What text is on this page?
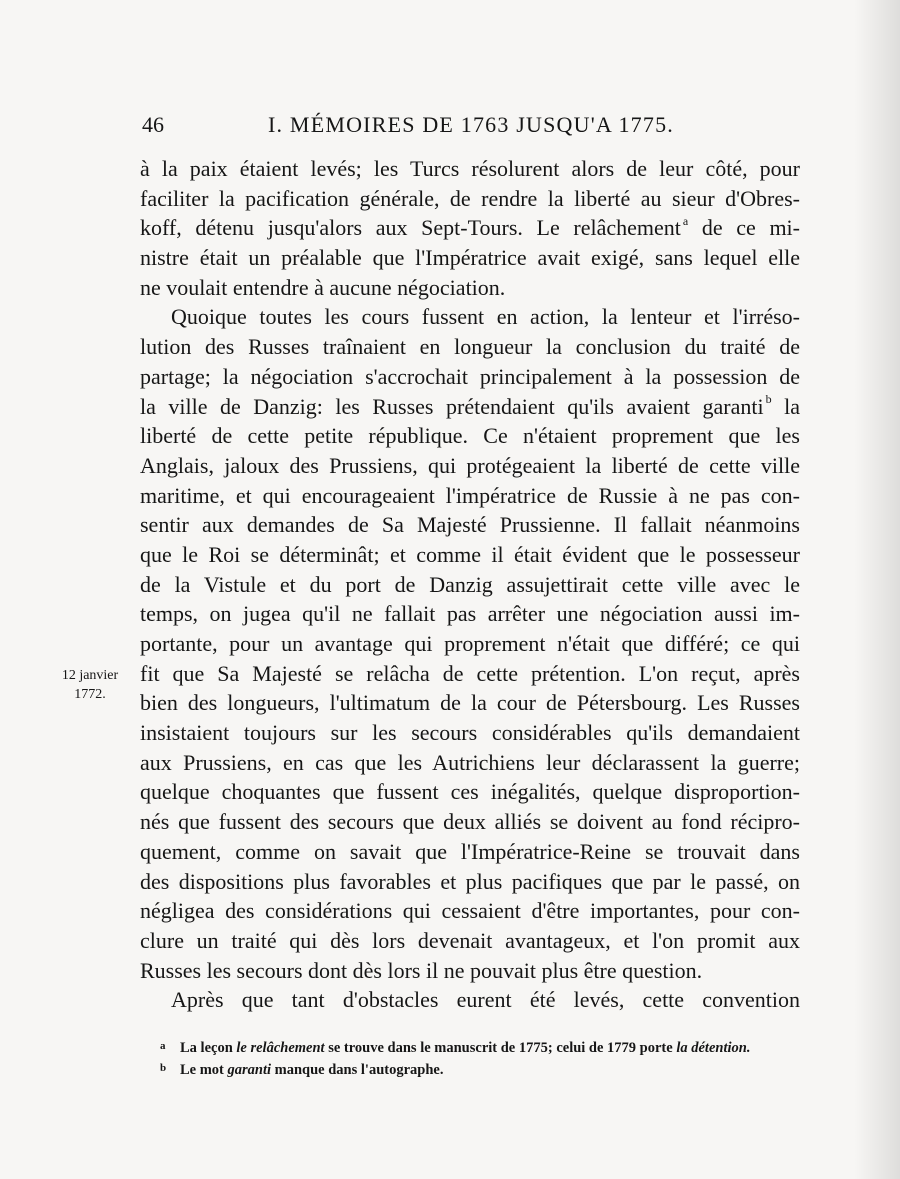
46	I. MÉMOIRES DE 1763 JUSQU'A 1775.
12 janvier
1772.
à la paix étaient levés; les Turcs résolurent alors de leur côté, pour
faciliter la pacification générale, de rendre la liberté au sieur d'Obres-
koff, détenu jusqu'alors aux Sept-Tours. Le relâchement $^a$ de ce mi-
nistre était un préalable que l'Impératrice avait exigé, sans lequel elle
ne voulait entendre à aucune négociation.
Quoique toutes les cours fussent en action, la lenteur et l'irréso-
lution des Russes traînaient en longueur la conclusion du traité de
partage; la négociation s'accrochait principalement à la possession de
la ville de Danzig: les Russes prétendaient qu'ils avaient garanti $^b$ la
liberté de cette petite république. Ce n'étaient proprement que les
Anglais, jaloux des Prussiens, qui protégeaient la liberté de cette ville
maritime, et qui encourageaient l'impératrice de Russie à ne pas con-
sentir aux demandes de Sa Majesté Prussienne. Il fallait néanmoins
que le Roi se déterminât; et comme il était évident que le possesseur
de la Vistule et du port de Danzig assujettirait cette ville avec le
temps, on jugea qu'il ne fallait pas arrêter une négociation aussi im-
portante, pour un avantage qui proprement n'était que différé; ce qui
fit que Sa Majesté se relâcha de cette prétention. L'on reçut, après
bien des longueurs, l'ultimatum de la cour de Pétersbourg. Les Russes
insistaient toujours sur les secours considérables qu'ils demandaient
aux Prussiens, en cas que les Autrichiens leur déclarassent la guerre;
quelque choquantes que fussent ces inégalités, quelque disproportion-
nés que fussent des secours que deux alliés se doivent au fond récipro-
quement, comme on savait que l'Impératrice-Reine se trouvait dans
des dispositions plus favorables et plus pacifiques que par le passé, on
négligea des considérations qui cessaient d'être importantes, pour con-
clure un traité qui dès lors devenait avantageux, et l'on promit aux
Russes les secours dont dès lors il ne pouvait plus être question.
Après que tant d'obstacles eurent été levés, cette convention
a La leçon le relâchement se trouve dans le manuscrit de 1775; celui de 1779 porte la détention.
b Le mot garanti manque dans l'autographe.
